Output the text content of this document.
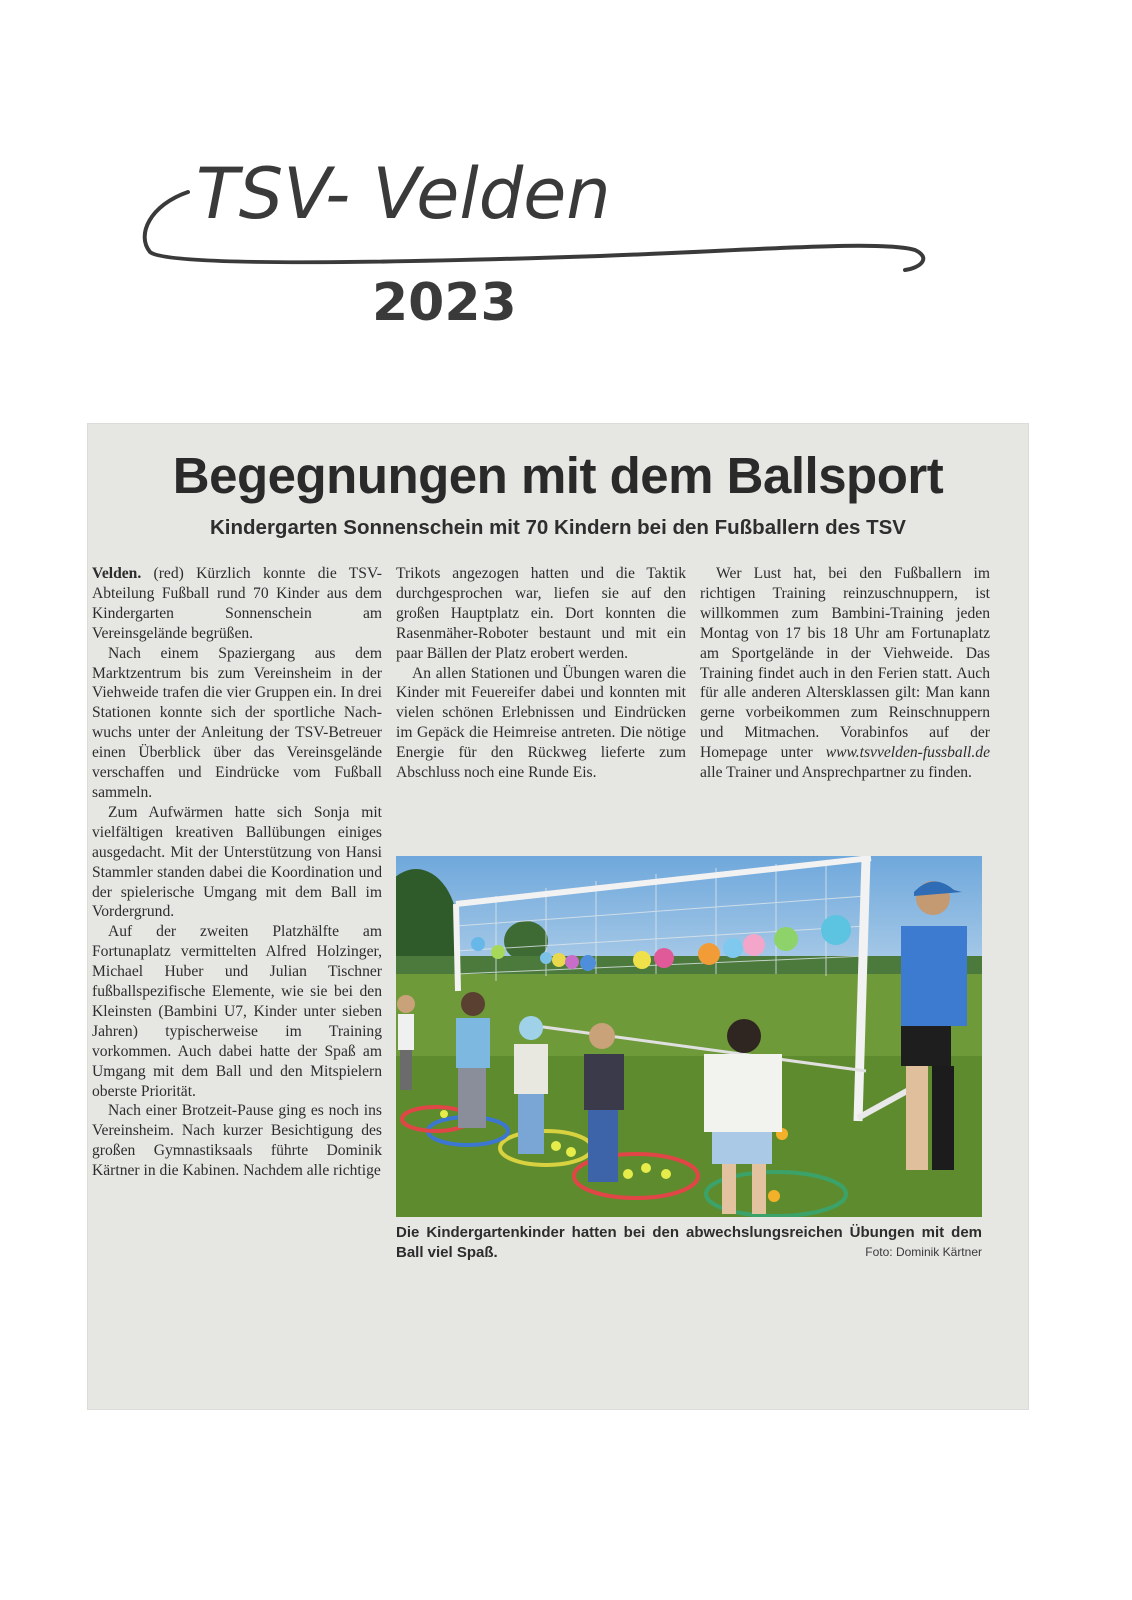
TSV- Velden
2023
Begegnungen mit dem Ballsport
Kindergarten Sonnenschein mit 70 Kindern bei den Fußballern des TSV

Velden. (red) Kürzlich konnte die TSV-Abteilung Fußball rund 70 Kinder aus dem Kindergarten Sonnenschein am Vereinsgelände begrüßen.

Nach einem Spaziergang aus dem Marktzentrum bis zum Vereinsheim in der Viehweide trafen die vier Gruppen ein. In drei Stationen konnte sich der sportliche Nachwuchs unter der Anleitung der TSV-Betreuer einen Überblick über das Vereinsgelände verschaffen und Eindrücke vom Fußball sammeln.

Zum Aufwärmen hatte sich Sonja mit vielfältigen kreativen Ballübungen einiges ausgedacht. Mit der Unterstützung von Hansi Stammler standen dabei die Koordination und der spielerische Umgang mit dem Ball im Vordergrund.

Auf der zweiten Platzhälfte am Fortunaplatz vermittelten Alfred Holzinger, Michael Huber und Julian Tischner fußballspezifische Elemente, wie sie bei den Kleinsten (Bambini U7, Kinder unter sieben Jahren) typischerweise im Training vorkommen. Auch dabei hatte der Spaß am Umgang mit dem Ball und den Mitspielern oberste Priorität.

Nach einer Brotzeit-Pause ging es noch ins Vereinsheim. Nach kurzer Besichtigung des großen Gymnastiksaals führte Dominik Kärtner in die Kabinen. Nachdem alle richtige

Trikots angezogen hatten und die Taktik durchgesprochen war, liefen sie auf den großen Hauptplatz ein. Dort konnten die Rasenmäher-Roboter bestaunt und mit ein paar Bällen der Platz erobert werden.

An allen Stationen und Übungen waren die Kinder mit Feuereifer dabei und konnten mit vielen schönen Erlebnissen und Eindrücken im Gepäck die Heimreise antreten. Die nötige Energie für den Rückweg lieferte zum Abschluss noch eine Runde Eis.

Wer Lust hat, bei den Fußballern im richtigen Training reinzuschnuppern, ist willkommen zum Bambini-Training jeden Montag von 17 bis 18 Uhr am Fortunaplatz am Sportgelände in der Viehweide. Das Training findet auch in den Ferien statt. Auch für alle anderen Altersklassen gilt: Man kann gerne vorbeikommen zum Reinschnuppern und Mitmachen. Vorabinfos auf der Homepage unter www.tsvvelden-fussball.de alle Trainer und Ansprechpartner zu finden.

Die Kindergartenkinder hatten bei den abwechslungsreichen Übungen mit dem Ball viel Spaß.	Foto: Dominik Kärtner
